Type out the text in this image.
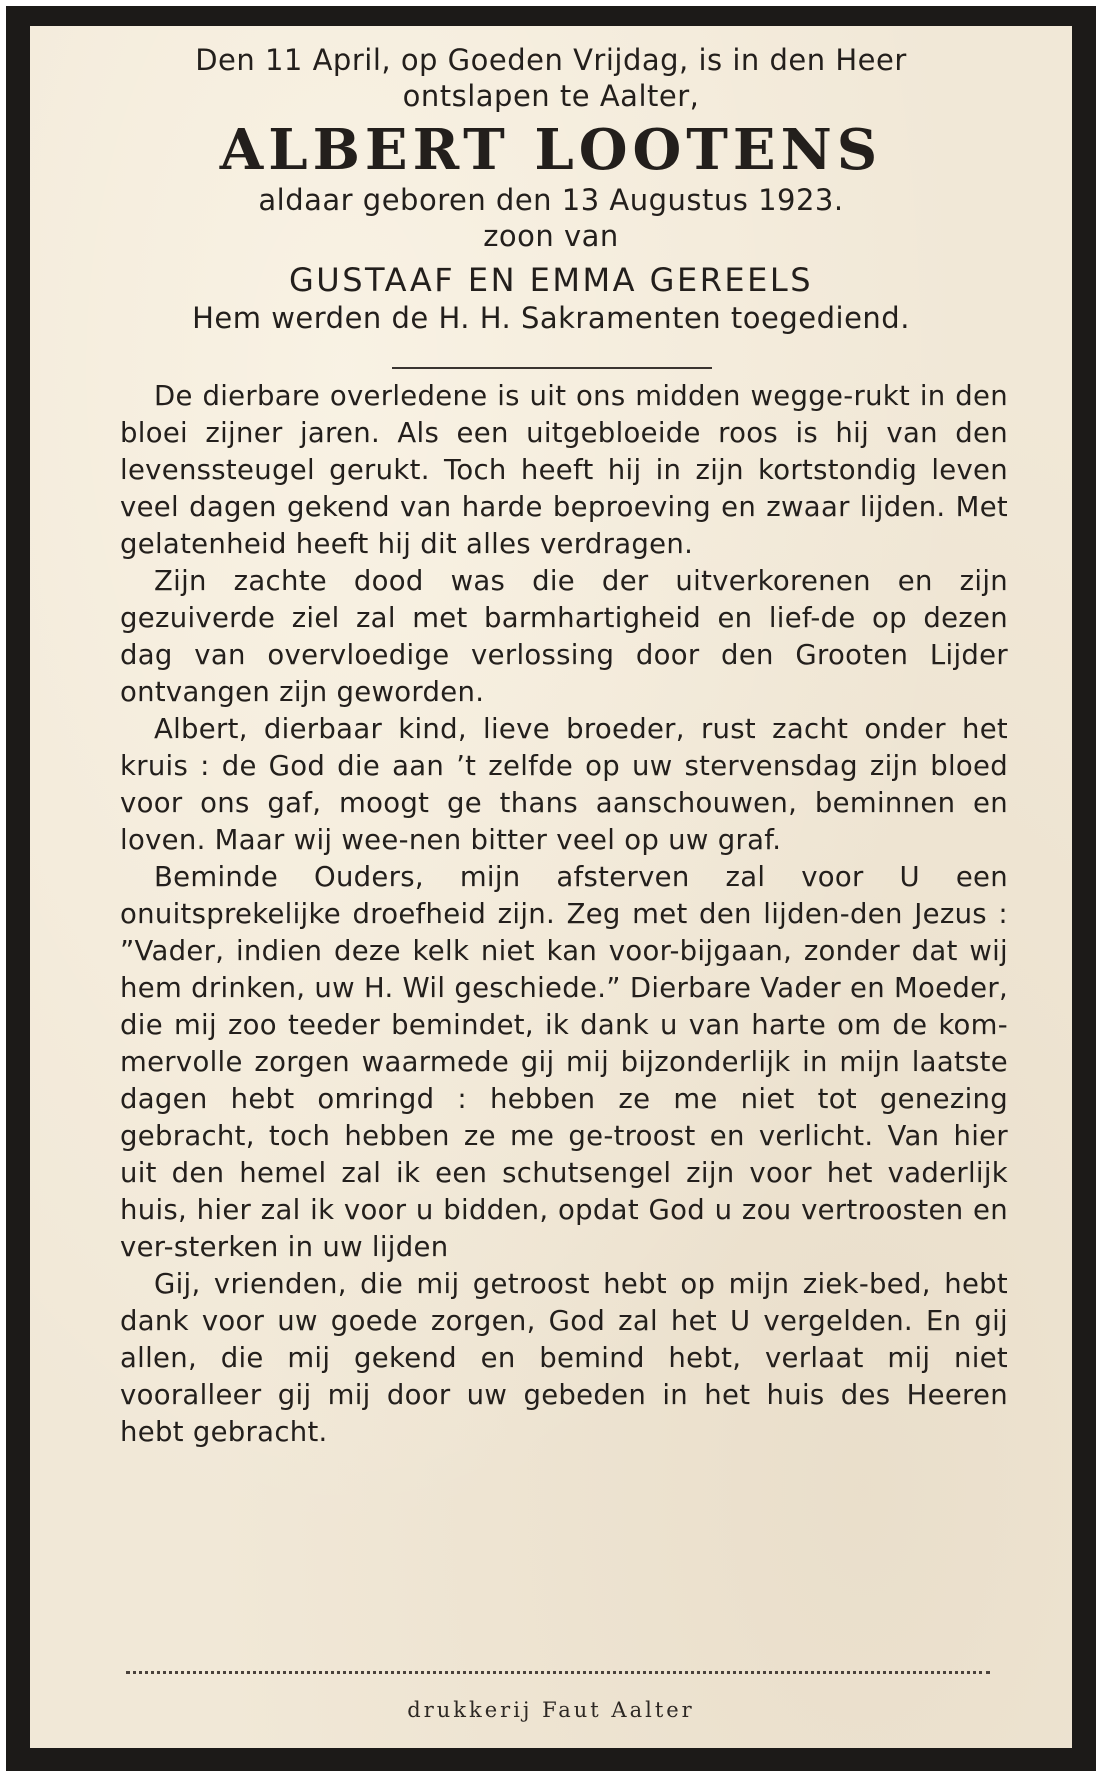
Den 11 April, op Goeden Vrijdag, is in den Heer
ontslapen te Aalter,
ALBERT LOOTENS
aldaar geboren den 13 Augustus 1923.
zoon van
GUSTAAF EN EMMA GEREELS
Hem werden de H. H. Sakramenten toegediend.

De dierbare overledene is uit ons midden wegge-rukt in den bloei zijner jaren. Als een uitgebloeide roos is hij van den levenssteugel gerukt. Toch heeft hij in zijn kortstondig leven veel dagen gekend van harde beproeving en zwaar lijden. Met gelatenheid heeft hij dit alles verdragen.

Zijn zachte dood was die der uitverkorenen en zijn gezuiverde ziel zal met barmhartigheid en lief-de op dezen dag van overvloedige verlossing door den Grooten Lijder ontvangen zijn geworden.

Albert, dierbaar kind, lieve broeder, rust zacht onder het kruis : de God die aan ’t zelfde op uw stervensdag zijn bloed voor ons gaf, moogt ge thans aanschouwen, beminnen en loven. Maar wij wee-nen bitter veel op uw graf.

Beminde Ouders, mijn afsterven zal voor U een onuitsprekelijke droefheid zijn. Zeg met den lijden-den Jezus : ”Vader, indien deze kelk niet kan voor-bijgaan, zonder dat wij hem drinken, uw H. Wil geschiede.” Dierbare Vader en Moeder, die mij zoo teeder bemindet, ik dank u van harte om de kom-mervolle zorgen waarmede gij mij bijzonderlijk in mijn laatste dagen hebt omringd : hebben ze me niet tot genezing gebracht, toch hebben ze me ge-troost en verlicht. Van hier uit den hemel zal ik een schutsengel zijn voor het vaderlijk huis, hier zal ik voor u bidden, opdat God u zou vertroosten en ver-sterken in uw lijden

Gij, vrienden, die mij getroost hebt op mijn ziek-bed, hebt dank voor uw goede zorgen, God zal het U vergelden. En gij allen, die mij gekend en bemind hebt, verlaat mij niet vooralleer gij mij door uw gebeden in het huis des Heeren hebt gebracht.

drukkerij Faut Aalter
